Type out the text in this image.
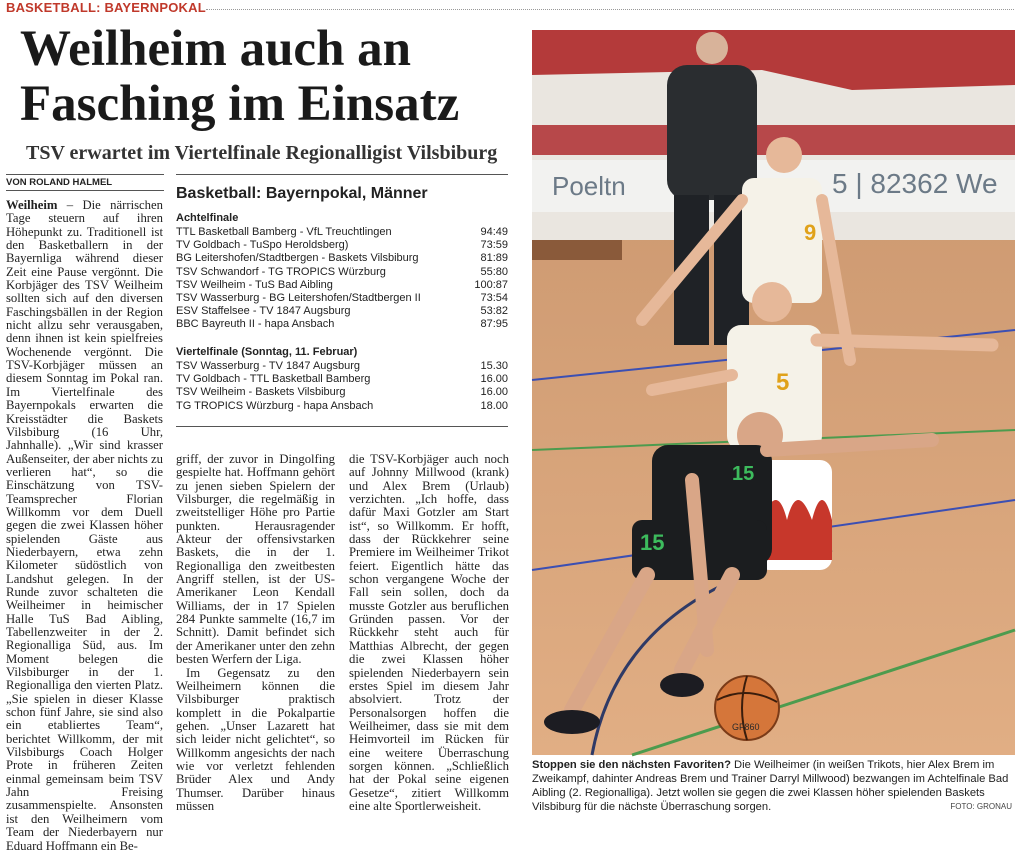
BASKETBALL: BAYERNPOKAL
Weilheim auch an
Fasching im Einsatz
TSV erwartet im Viertelfinale Regionalligist Vilsbiburg
VON ROLAND HALMEL

Weilheim – Die närrischen Tage steuern auf ihren Höhepunkt zu. Traditionell ist den Basketballern in der Bayernliga während dieser Zeit eine Pause vergönnt. Die Korbjäger des TSV Weilheim sollten sich auf den diversen Faschingsbällen in der Region nicht allzu sehr verausgaben, denn ihnen ist kein spielfreies Wochenende vergönnt. Die TSV-Korbjäger müssen an diesem Sonntag im Pokal ran. Im Viertelfinale des Bayernpokals erwarten die Kreisstädter die Baskets Vilsbiburg (16 Uhr, Jahnhalle). „Wir sind krasser Außenseiter, der aber nichts zu verlieren hat“, so die Einschätzung von TSV-Teamsprecher Florian Willkomm vor dem Duell gegen die zwei Klassen höher spielenden Gäste aus Niederbayern, etwa zehn Kilometer südöstlich von Landshut gelegen. In der Runde zuvor schalteten die Weilheimer in heimischer Halle TuS Bad Aibling, Tabellenzweiter in der 2. Regionalliga Süd, aus. Im Moment belegen die Vilsbiburger in der 1. Regionalliga den vierten Platz. „Sie spielen in dieser Klasse schon fünf Jahre, sie sind also ein etabliertes Team“, berichtet Willkomm, der mit Vilsbiburgs Coach Holger Prote in früheren Zeiten einmal gemeinsam beim TSV Jahn Freising zusammenspielte. Ansonsten ist den Weilheimern vom Team der Niederbayern nur Eduard Hoffmann ein Be-

Basketball: Bayernpokal, Männer
Achtelfinale
TTL Basketball Bamberg - VfL Treuchtlingen	94:49
TV Goldbach - TuSpo Heroldsberg)	73:59
BG Leitershofen/Stadtbergen - Baskets Vilsbiburg	81:89
TSV Schwandorf - TG TROPICS Würzburg	55:80
TSV Weilheim - TuS Bad Aibling	100:87
TSV Wasserburg - BG Leitershofen/Stadtbergen II	73:54
ESV Staffelsee - TV 1847 Augsburg	53:82
BBC Bayreuth II - hapa Ansbach	87:95
Viertelfinale (Sonntag, 11. Februar)
TSV Wasserburg - TV 1847 Augsburg	15.30
TV Goldbach - TTL Basketball Bamberg	16.00
TSV Weilheim - Baskets Vilsbiburg	16.00
TG TROPICS Würzburg - hapa Ansbach	18.00
griff, der zuvor in Dingolfing gespielte hat. Hoffmann gehört zu jenen sieben Spielern der Vilsburger, die regelmäßig in zweitstelliger Höhe pro Partie punkten. Herausragender Akteur der offensivstarken Baskets, die in der 1. Regionalliga den zweitbesten Angriff stellen, ist der US-Amerikaner Leon Kendall Williams, der in 17 Spielen 284 Punkte sammelte (16,7 im Schnitt). Damit befindet sich der Amerikaner unter den zehn besten Werfern der Liga.
Im Gegensatz zu den Weilheimern können die Vilsbiburger praktisch komplett in die Pokalpartie gehen. „Unser Lazarett hat sich leider nicht gelichtet“, so Willkomm angesichts der nach wie vor verletzt fehlenden Brüder Alex und Andy Thumser. Darüber hinaus müssen

die TSV-Korbjäger auch noch auf Johnny Millwood (krank) und Alex Brem (Urlaub) verzichten. „Ich hoffe, dass dafür Maxi Gotzler am Start ist“, so Willkomm. Er hofft, dass der Rückkehrer seine Premiere im Weilheimer Trikot feiert. Eigentlich hätte das schon vergangene Woche der Fall sein sollen, doch da musste Gotzler aus beruflichen Gründen passen. Vor der Rückkehr steht auch für Matthias Albrecht, der gegen die zwei Klassen höher spielenden Niederbayern sein erstes Spiel im diesem Jahr absolviert. Trotz der Personalsorgen hoffen die Weilheimer, dass sie mit dem Heimvorteil im Rücken für eine weitere Überraschung sorgen können. „Schließlich hat der Pokal seine eigenen Gesetze“, zitiert Willkomm eine alte Sportlerweisheit.

Poeltn	5 | 82362 We
9
5
15
15
GF860

Stoppen sie den nächsten Favoriten? Die Weilheimer (in weißen Trikots, hier Alex Brem im Zweikampf, dahinter Andreas Brem und Trainer Darryl Millwood) bezwangen im Achtelfinale Bad Aibling (2. Regionalliga). Jetzt wollen sie gegen die zwei Klassen höher spielenden Baskets Vilsbiburg für die nächste Überraschung sorgen.	FOTO: GRONAU
